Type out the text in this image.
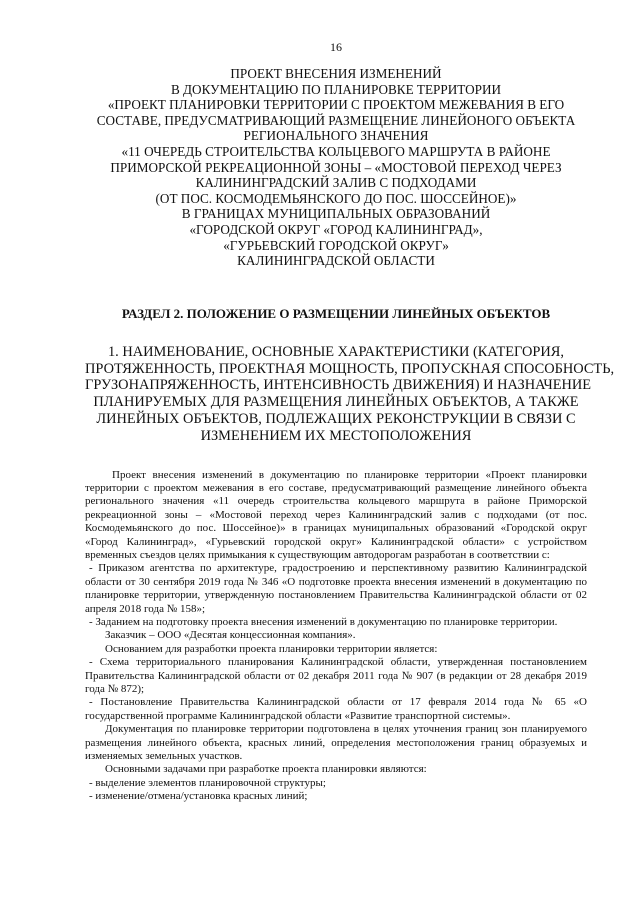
16
ПРОЕКТ ВНЕСЕНИЯ ИЗМЕНЕНИЙ
В ДОКУМЕНТАЦИЮ ПО ПЛАНИРОВКЕ ТЕРРИТОРИИ
«ПРОЕКТ ПЛАНИРОВКИ ТЕРРИТОРИИ С ПРОЕКТОМ МЕЖЕВАНИЯ В ЕГО
СОСТАВЕ, ПРЕДУСМАТРИВАЮЩИЙ РАЗМЕЩЕНИЕ ЛИНЕЙОНОГО ОБЪЕКТА
РЕГИОНАЛЬНОГО ЗНАЧЕНИЯ
«11 ОЧЕРЕДЬ СТРОИТЕЛЬСТВА КОЛЬЦЕВОГО МАРШРУТА В РАЙОНЕ
ПРИМОРСКОЙ РЕКРЕАЦИОННОЙ ЗОНЫ – «МОСТОВОЙ ПЕРЕХОД ЧЕРЕЗ
КАЛИНИНГРАДСКИЙ ЗАЛИВ С ПОДХОДАМИ
(ОТ ПОС. КОСМОДЕМЬЯНСКОГО ДО ПОС. ШОССЕЙНОЕ)»
В ГРАНИЦАХ МУНИЦИПАЛЬНЫХ ОБРАЗОВАНИЙ
«ГОРОДСКОЙ ОКРУГ «ГОРОД КАЛИНИНГРАД»,
«ГУРЬЕВСКИЙ ГОРОДСКОЙ ОКРУГ»
КАЛИНИНГРАДСКОЙ ОБЛАСТИ
РАЗДЕЛ 2. ПОЛОЖЕНИЕ О РАЗМЕЩЕНИИ ЛИНЕЙНЫХ ОБЪЕКТОВ
1. НАИМЕНОВАНИЕ, ОСНОВНЫЕ ХАРАКТЕРИСТИКИ (КАТЕГОРИЯ,
ПРОТЯЖЕННОСТЬ, ПРОЕКТНАЯ МОЩНОСТЬ, ПРОПУСКНАЯ СПОСОБНОСТЬ,
ГРУЗОНАПРЯЖЕННОСТЬ, ИНТЕНСИВНОСТЬ ДВИЖЕНИЯ) И НАЗНАЧЕНИЕ
ПЛАНИРУЕМЫХ ДЛЯ РАЗМЕЩЕНИЯ ЛИНЕЙНЫХ ОБЪЕКТОВ, А ТАКЖЕ
ЛИНЕЙНЫХ ОБЪЕКТОВ, ПОДЛЕЖАЩИХ РЕКОНСТРУКЦИИ В СВЯЗИ С
ИЗМЕНЕНИЕМ ИХ МЕСТОПОЛОЖЕНИЯ

Проект внесения изменений в документацию по планировке территории «Проект планировки территории с проектом межевания в его составе, предусматривающий размещение линейного объекта регионального значения «11 очередь строительства кольцевого маршрута в районе Приморской рекреационной зоны – «Мостовой переход через Калининградский залив с подходами (от пос. Космодемьянского до пос. Шоссейное)» в границах муниципальных образований «Городской округ «Город Калининград», «Гурьевский городской округ» Калининградской области» с устройством временных съездов целях примыкания к существующим автодорогам разработан в соответствии с:

- Приказом агентства по архитектуре, градостроению и перспективному развитию Калининградской области от 30 сентября 2019 года № 346 «О подготовке проекта внесения изменений в документацию по планировке территории, утвержденную постановлением Правительства Калининградской области от 02 апреля 2018 года № 158»;

- Заданием на подготовку проекта внесения изменений в документацию по планировке территории.

Заказчик – ООО «Десятая концессионная компания».

Основанием для разработки проекта планировки территории является:

- Схема территориального планирования Калининградской области, утвержденная постановлением Правительства Калининградской области от 02 декабря 2011 года № 907 (в редакции от 28 декабря 2019 года № 872);

- Постановление Правительства Калининградской области от 17 февраля 2014 года № 65 «О государственной программе Калининградской области «Развитие транспортной системы».

Документация по планировке территории подготовлена в целях уточнения границ зон планируемого размещения линейного объекта, красных линий, определения местоположения границ образуемых и изменяемых земельных участков.

Основными задачами при разработке проекта планировки являются:

- выделение элементов планировочной структуры;

- изменение/отмена/установка красных линий;
